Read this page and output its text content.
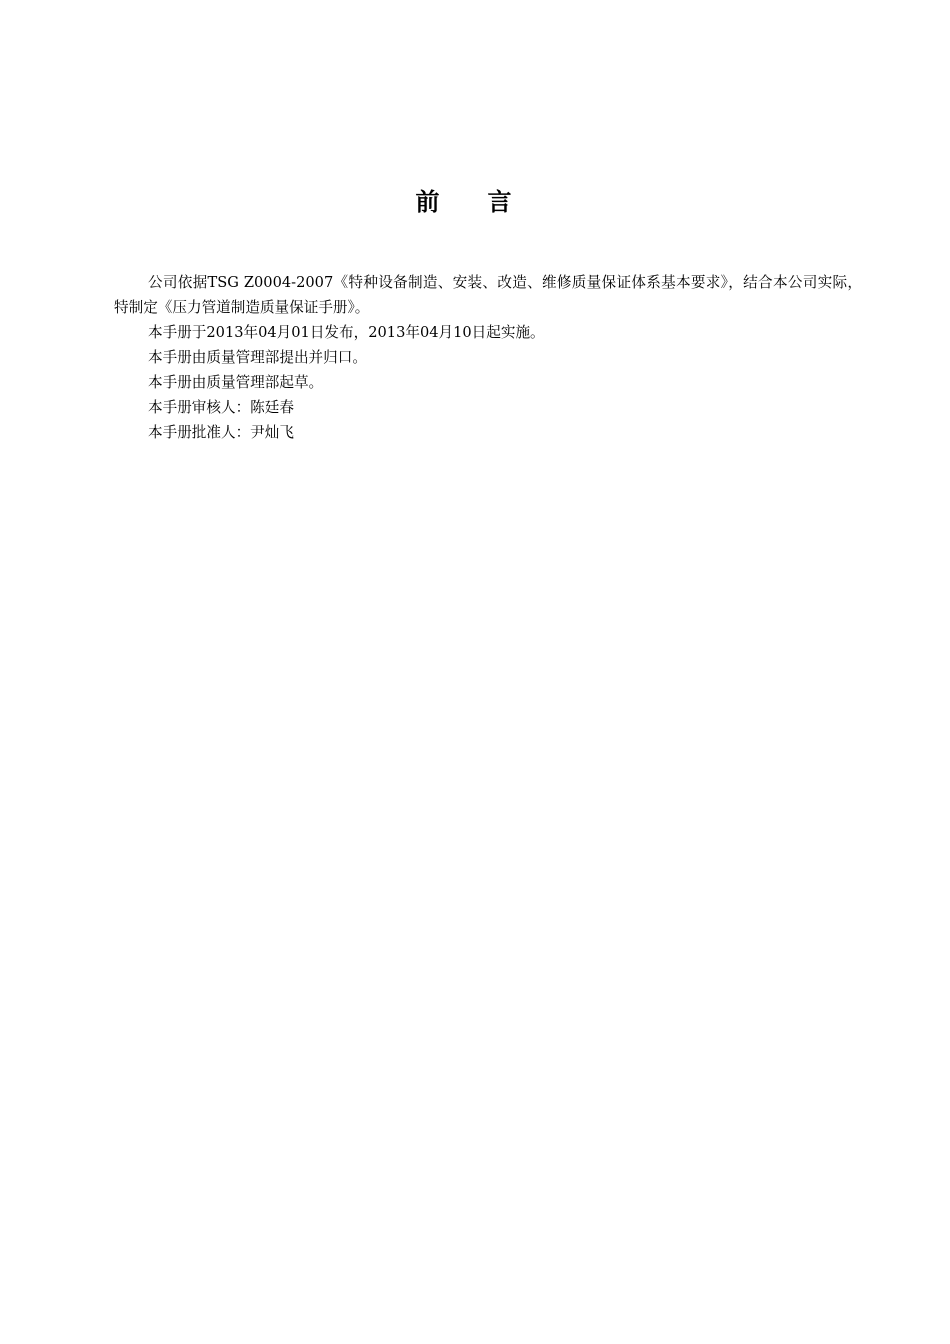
前言

公司依据TSG Z0004-2007《特种设备制造、安装、改造、维修质量保证体系基本要求》，结合本公司实际，特制定《压力管道制造质量保证手册》。

本手册于2013年04月01日发布，2013年04月10日起实施。

本手册由质量管理部提出并归口。

本手册由质量管理部起草。

本手册审核人：陈廷春

本手册批准人：尹灿飞
